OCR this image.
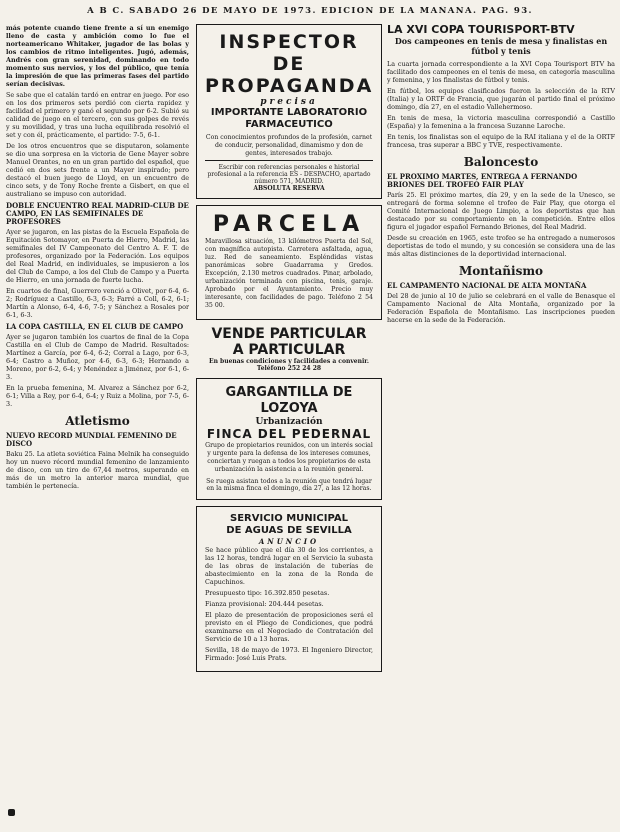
A B C. SABADO 26 DE MAYO DE 1973. EDICION DE LA MAÑANA. PAG. 93.

más potente cuando tiene frente a sí un enemigo lleno de casta y ambición como lo fue el norteamericano Whitaker, jugador de las bolas y los cambios de ritmo inteligentes. Jugó, además, Andrés con gran serenidad, dominando en todo momento sus nervios, y los del público, que tenía la impresión de que las primeras fases del partido serían decisivas.

Se sabe que el catalán tardó en entrar en juego. Por eso en los dos primeros sets perdió con cierta rapidez y facilidad el primero y ganó el segundo por 6-2. Subió su calidad de juego en el tercero, con sus golpes de revés y su movilidad, y tras una lucha equilibrada resolvió el set y con él, prácticamente, el partido: 7-5, 6-1.

De los otros encuentros que se disputaron, solamente se dio una sorpresa en la victoria de Gene Mayer sobre Manuel Orantes, no en un gran partido del español, que cedió en dos sets frente a un Mayer inspirado; pero destacó el buen juego de Lloyd, en un encuentro de cinco sets, y de Tony Roche frente a Gisbert, en que el australiano se impuso con autoridad.

DOBLE ENCUENTRO REAL MADRID-CLUB DE CAMPO, EN LAS SEMIFINALES DE PROFESORES

Ayer se jugaron, en las pistas de la Escuela Española de Equitación Sotomayor, en Puerta de Hierro, Madrid, las semifinales del IV Campeonato del Centro A. F. T. de profesores, organizado por la Federación. Los equipos del Real Madrid, en individuales, se impusieron a los del Club de Campo, a los del Club de Campo y a Puerta de Hierro, en una jornada de fuerte lucha.

En cuartos de final, Guerrero venció a Olivet, por 6-4, 6-2; Rodríguez a Castillo, 6-3, 6-3; Farré a Coll, 6-2, 6-1; Martín a Alonso, 6-4, 4-6, 7-5; y Sánchez a Rosales por 6-1, 6-3.

LA COPA CASTILLA, EN EL CLUB DE CAMPO

Ayer se jugaron también los cuartos de final de la Copa Castilla en el Club de Campo de Madrid. Resultados: Martínez a García, por 6-4, 6-2; Corral a Lago, por 6-3, 6-4; Castro a Muñoz, por 4-6, 6-3, 6-3; Hernando a Moreno, por 6-2, 6-4; y Menéndez a Jiménez, por 6-1, 6-3.

En la prueba femenina, M. Alvarez a Sánchez por 6-2, 6-1; Villa a Rey, por 6-4, 6-4; y Ruiz a Molina, por 7-5, 6-3.

Atletismo
NUEVO RECORD MUNDIAL FEMENINO DE DISCO

Baku 25. La atleta soviética Faina Melnik ha conseguido hoy un nuevo récord mundial femenino de lanzamiento de disco, con un tiro de 67,44 metros, superando en más de un metro la anterior marca mundial, que también le pertenecía.

INSPECTOR DE
PROPAGANDA
precisa
IMPORTANTE LABORATORIO
FARMACEUTICO
Con conocimientos profundos de la profesión, carnet de conducir, personalidad, dinamismo y don de gentes, interesados trabajo.
Escribir con referencias personales e historial profesional a la referencia ES - DESPACHO, apartado número 571, MADRID.
ABSOLUTA RESERVA
PARCELA

Maravillosa situación, 13 kilómetros Puerta del Sol, con magnífica autopista. Carretera asfaltada, agua, luz. Red de saneamiento. Espléndidas vistas panorámicas sobre Guadarrama y Gredos. Excepción, 2.130 metros cuadrados. Pinar, arbolado, urbanización terminada con piscina, tenis, garaje. Aprobado por el Ayuntamiento. Precio muy interesante, con facilidades de pago. Teléfono 2 54 35 00.

VENDE PARTICULAR
A PARTICULAR
En buenas condiciones y facilidades a convenir. Teléfono 252 24 28
GARGANTILLA DE LOZOYA
Urbanización
FINCA DEL PEDERNAL
Grupo de propietarios reunidos, con un interés social y urgente para la defensa de los intereses comunes, conciertan y ruegan a todos los propietarios de esta urbanización la asistencia a la reunión general.
Se ruega asistan todos a la reunión que tendrá lugar en la misma finca el domingo, día 27, a las 12 horas.
SERVICIO MUNICIPAL
DE AGUAS DE SEVILLA
ANUNCIO

Se hace público que el día 30 de los corrientes, a las 12 horas, tendrá lugar en el Servicio la subasta de las obras de instalación de tuberías de abastecimiento en la zona de la Ronda de Capuchinos.

Presupuesto tipo: 16.392.850 pesetas.

Fianza provisional: 204.444 pesetas.

El plazo de presentación de proposiciones será el previsto en el Pliego de Condiciones, que podrá examinarse en el Negociado de Contratación del Servicio de 10 a 13 horas.

Sevilla, 18 de mayo de 1973. El Ingeniero Director, Firmado: José Luis Prats.

LA XVI COPA TOURISPORT-BTV
Dos campeones en tenis de mesa y finalistas en fútbol y tenis

La cuarta jornada correspondiente a la XVI Copa Tourisport BTV ha facilitado dos campeones en el tenis de mesa, en categoría masculina y femenina, y los finalistas de fútbol y tenis.

En fútbol, los equipos clasificados fueron la selección de la RTV (Italia) y la ORTF de Francia, que jugarán el partido final el próximo domingo, día 27, en el estadio Vallehermoso.

En tenis de mesa, la victoria masculina correspondió a Castillo (España) y la femenina a la francesa Suzanne Laroche.

En tenis, los finalistas son el equipo de la RAI italiana y el de la ORTF francesa, tras superar a BBC y TVE, respectivamente.

Baloncesto
EL PROXIMO MARTES, ENTREGA A FERNANDO BRIONES DEL TROFEO FAIR PLAY

París 25. El próximo martes, día 29, y en la sede de la Unesco, se entregará de forma solemne el trofeo de Fair Play, que otorga el Comité Internacional de Juego Limpio, a los deportistas que han destacado por su comportamiento en la competición. Entre ellos figura el jugador español Fernando Briones, del Real Madrid.

Desde su creación en 1965, este trofeo se ha entregado a numerosos deportistas de todo el mundo, y su concesión se considera una de las más altas distinciones de la deportividad internacional.

Montañismo
EL CAMPAMENTO NACIONAL DE ALTA MONTAÑA

Del 28 de junio al 10 de julio se celebrará en el valle de Benasque el Campamento Nacional de Alta Montaña, organizado por la Federación Española de Montañismo. Las inscripciones pueden hacerse en la sede de la Federación.
